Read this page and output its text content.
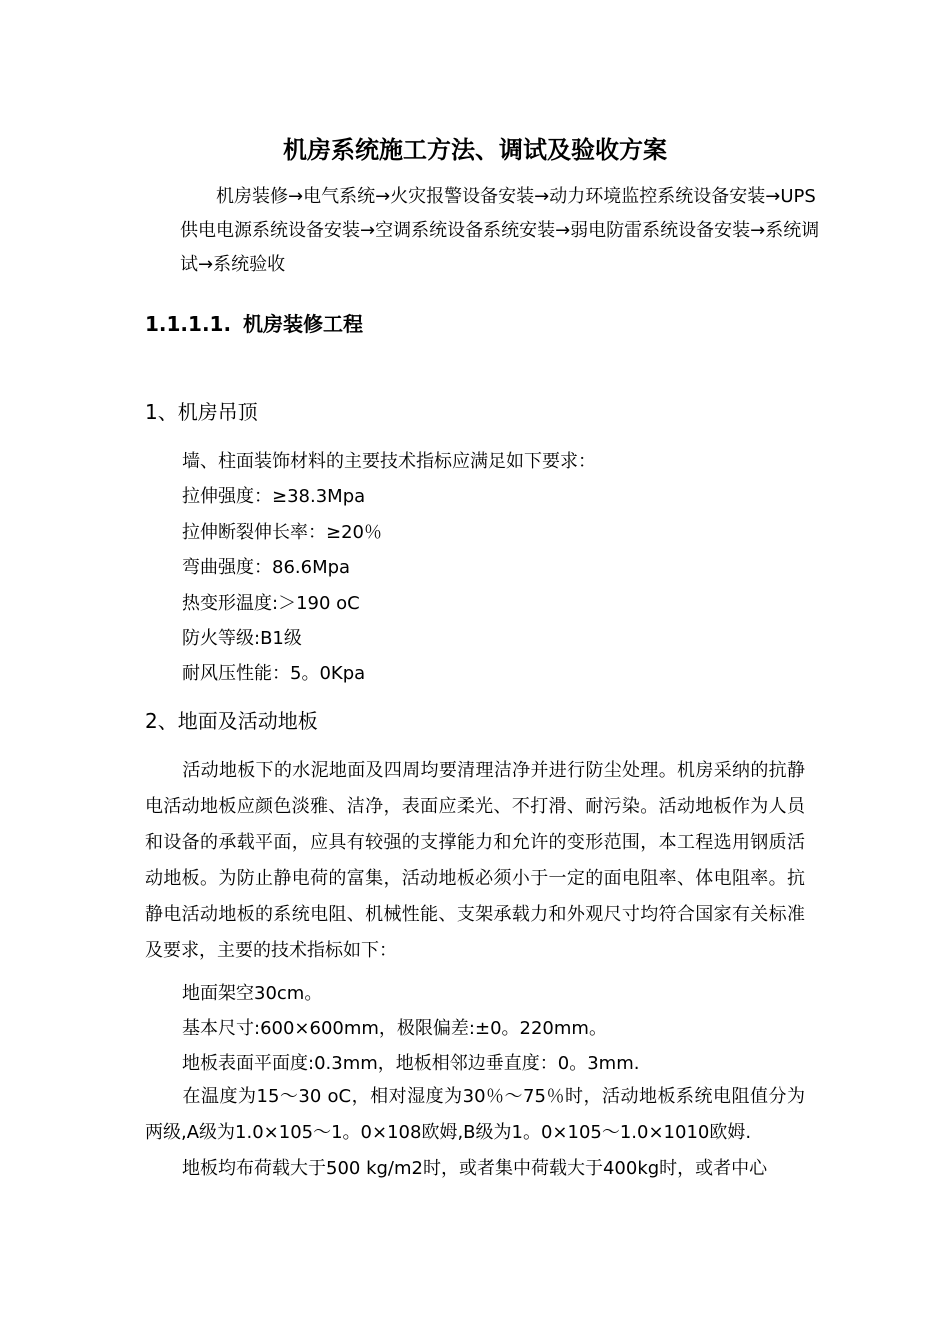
机房系统施工方法、调试及验收方案

机房装修→电气系统→火灾报警设备安装→动力环境监控系统设备安装→UPS供电电源系统设备安装→空调系统设备系统安装→弱电防雷系统设备安装→系统调试→系统验收

1.1.1.1. 机房装修工程
1、机房吊顶
墙、柱面装饰材料的主要技术指标应满足如下要求：
拉伸强度：≥38.3Mpa
拉伸断裂伸长率：≥20％
弯曲强度：86.6Mpa
热变形温度:＞190 oC
防火等级:B1级
耐风压性能：5。0Kpa
2、地面及活动地板

活动地板下的水泥地面及四周均要清理洁净并进行防尘处理。机房采纳的抗静电活动地板应颜色淡雅、洁净，表面应柔光、不打滑、耐污染。活动地板作为人员和设备的承载平面，应具有较强的支撑能力和允许的变形范围，本工程选用钢质活动地板。为防止静电荷的富集，活动地板必须小于一定的面电阻率、体电阻率。抗静电活动地板的系统电阻、机械性能、支架承载力和外观尺寸均符合国家有关标准及要求，主要的技术指标如下：

地面架空30cm。
基本尺寸:600×600mm，极限偏差:±0。220mm。
地板表面平面度:0.3mm，地板相邻边垂直度：0。3mm.

在温度为15～30 oC，相对湿度为30％～75％时，活动地板系统电阻值分为两级,A级为1.0×105～1。0×108欧姆,B级为1。0×105～1.0×1010欧姆.

地板均布荷载大于500 kg/m2时，或者集中荷载大于400kg时，或者中心
